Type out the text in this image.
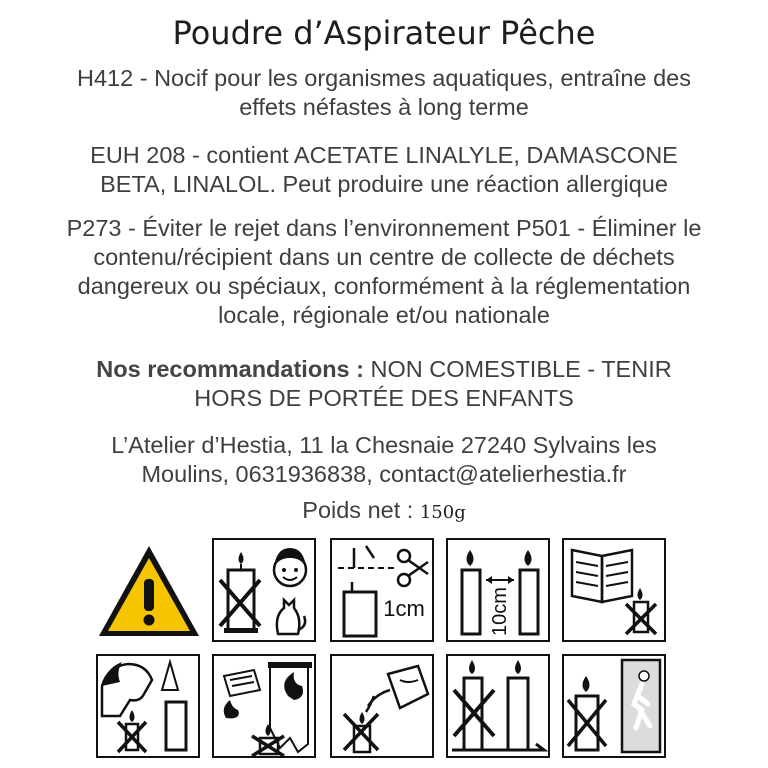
Poudre d’Aspirateur Pêche
H412 - Nocif pour les organismes aquatiques, entraîne des
effets néfastes à long terme
EUH 208 - contient ACETATE LINALYLE, DAMASCONE
BETA, LINALOL. Peut produire une réaction allergique
P273 - Éviter le rejet dans l’environnement P501 - Éliminer le
contenu/récipient dans un centre de collecte de déchets
dangereux ou spéciaux, conformément à la réglementation
locale, régionale et/ou nationale
Nos recommandations : NON COMESTIBLE - TENIR
HORS DE PORTÉE DES ENFANTS
L’Atelier d’Hestia, 11 la Chesnaie 27240 Sylvains les
Moulins, 0631936838, contact@atelierhestia.fr
Poids net : 150g
1cm	10cm
